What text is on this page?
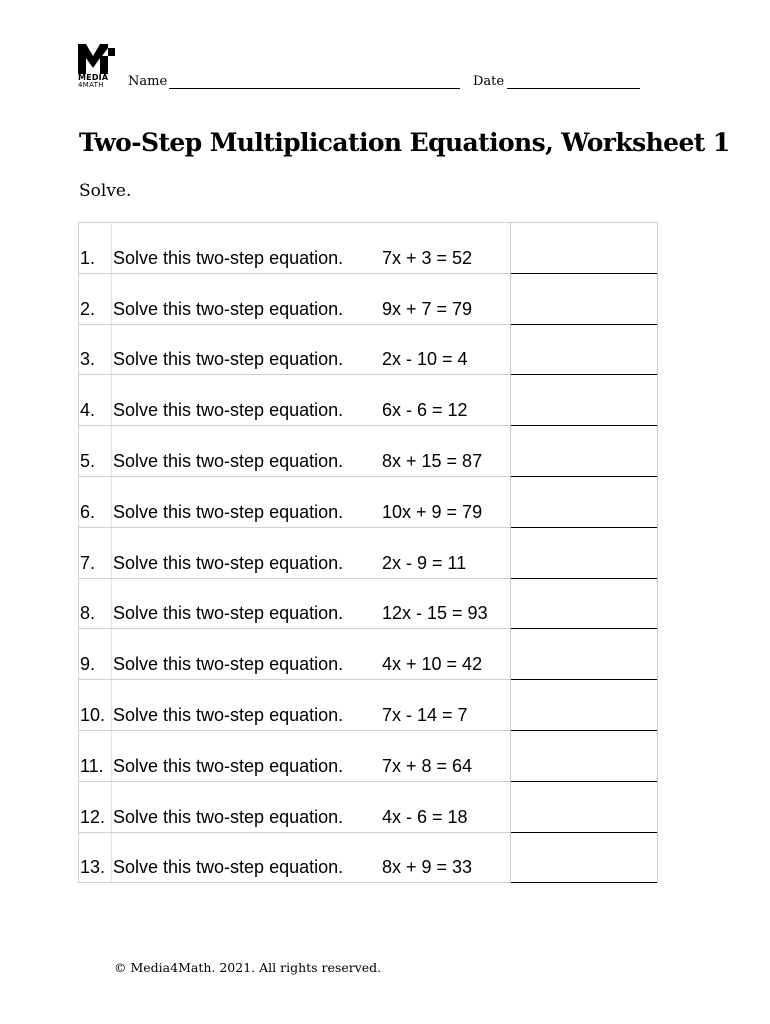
MEDIA
4MATH Name	Date
Two-Step Multiplication Equations, Worksheet 1

Solve.

1. Solve this two-step equation. 7x + 3 = 52
2. Solve this two-step equation. 9x + 7 = 79
3. Solve this two-step equation. 2x - 10 = 4
4. Solve this two-step equation. 6x - 6 = 12
5. Solve this two-step equation. 8x + 15 = 87
6. Solve this two-step equation. 10x + 9 = 79
7. Solve this two-step equation. 2x - 9 = 11
8. Solve this two-step equation. 12x - 15 = 93
9. Solve this two-step equation. 4x + 10 = 42
10. Solve this two-step equation. 7x - 14 = 7
11. Solve this two-step equation. 7x + 8 = 64
12. Solve this two-step equation. 4x - 6 = 18
13. Solve this two-step equation. 8x + 9 = 33
© Media4Math. 2021. All rights reserved.
